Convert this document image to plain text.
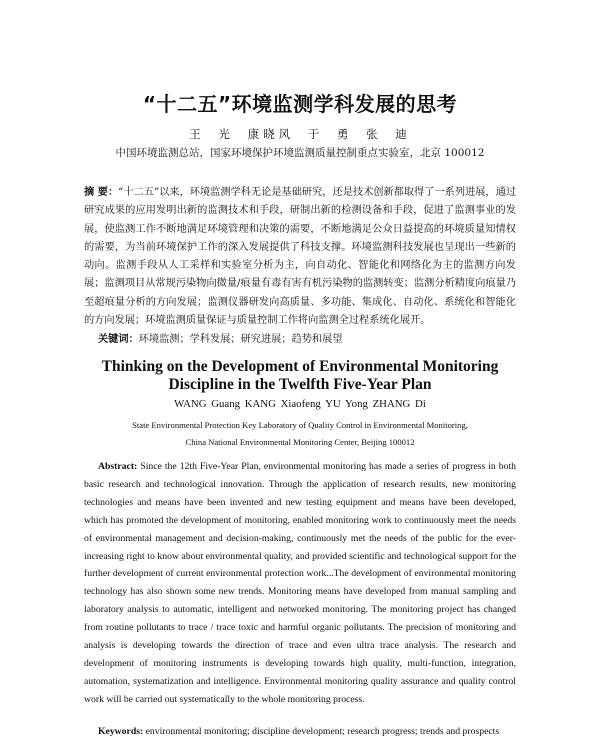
“十二五”环境监测学科发展的思考
王 光 康晓风 于 勇 张 迪
中国环境监测总站，国家环境保护环境监测质量控制重点实验室，北京 100012
摘 要：“十二五”以来，环境监测学科无论是基础研究，还是技术创新都取得了一系列进展，通过研究成果的应用发明出新的监测技术和手段，研制出新的检测设备和手段，促进了监测事业的发展，使监测工作不断地满足环境管理和决策的需要，不断地满足公众日益提高的环境质量知情权的需要，为当前环境保护工作的深入发展提供了科技支撑。环境监测科技发展也呈现出一些新的动向。监测手段从人工采样和实验室分析为主，向自动化、智能化和网络化为主的监测方向发展；监测项目从常规污染物向微量/痕量有毒有害有机污染物的监测转变；监测分析精度向痕量乃至超痕量分析的方向发展；监测仪器研发向高质量、多功能、集成化、自动化、系统化和智能化的方向发展；环境监测质量保证与质量控制工作将向监测全过程系统化展开。
关键词：环境监测；学科发展；研究进展；趋势和展望
Thinking on the Development of Environmental Monitoring
Discipline in the Twelfth Five-Year Plan
WANG Guang KANG Xiaofeng YU Yong ZHANG Di
State Environmental Protection Key Laboratory of Quality Control in Environmental Monitoring,
China National Environmental Monitoring Center, Beijing 100012
Abstract: Since the 12th Five-Year Plan, environmental monitoring has made a series of progress in both basic research and technological innovation. Through the application of research results, new monitoring technologies and means have been invented and new testing equipment and means have been developed, which has promoted the development of monitoring, enabled monitoring work to continuously meet the needs of environmental management and decision-making, continuously met the needs of the public for the ever-increasing right to know about environmental quality, and provided scientific and technological support for the further development of current environmental protection work...The development of environmental monitoring technology has also shown some new trends. Monitoring means have developed from manual sampling and laboratory analysis to automatic, intelligent and networked monitoring. The monitoring project has changed from routine pollutants to trace / trace toxic and harmful organic pollutants. The precision of monitoring and analysis is developing towards the direction of trace and even ultra trace analysis. The research and development of monitoring instruments is developing towards high quality, multi-function, integration, automation, systematization and intelligence. Environmental monitoring quality assurance and quality control work will be carried out systematically to the whole monitoring process.
Keywords: environmental monitoring; discipline development; research progress; trends and prospects
